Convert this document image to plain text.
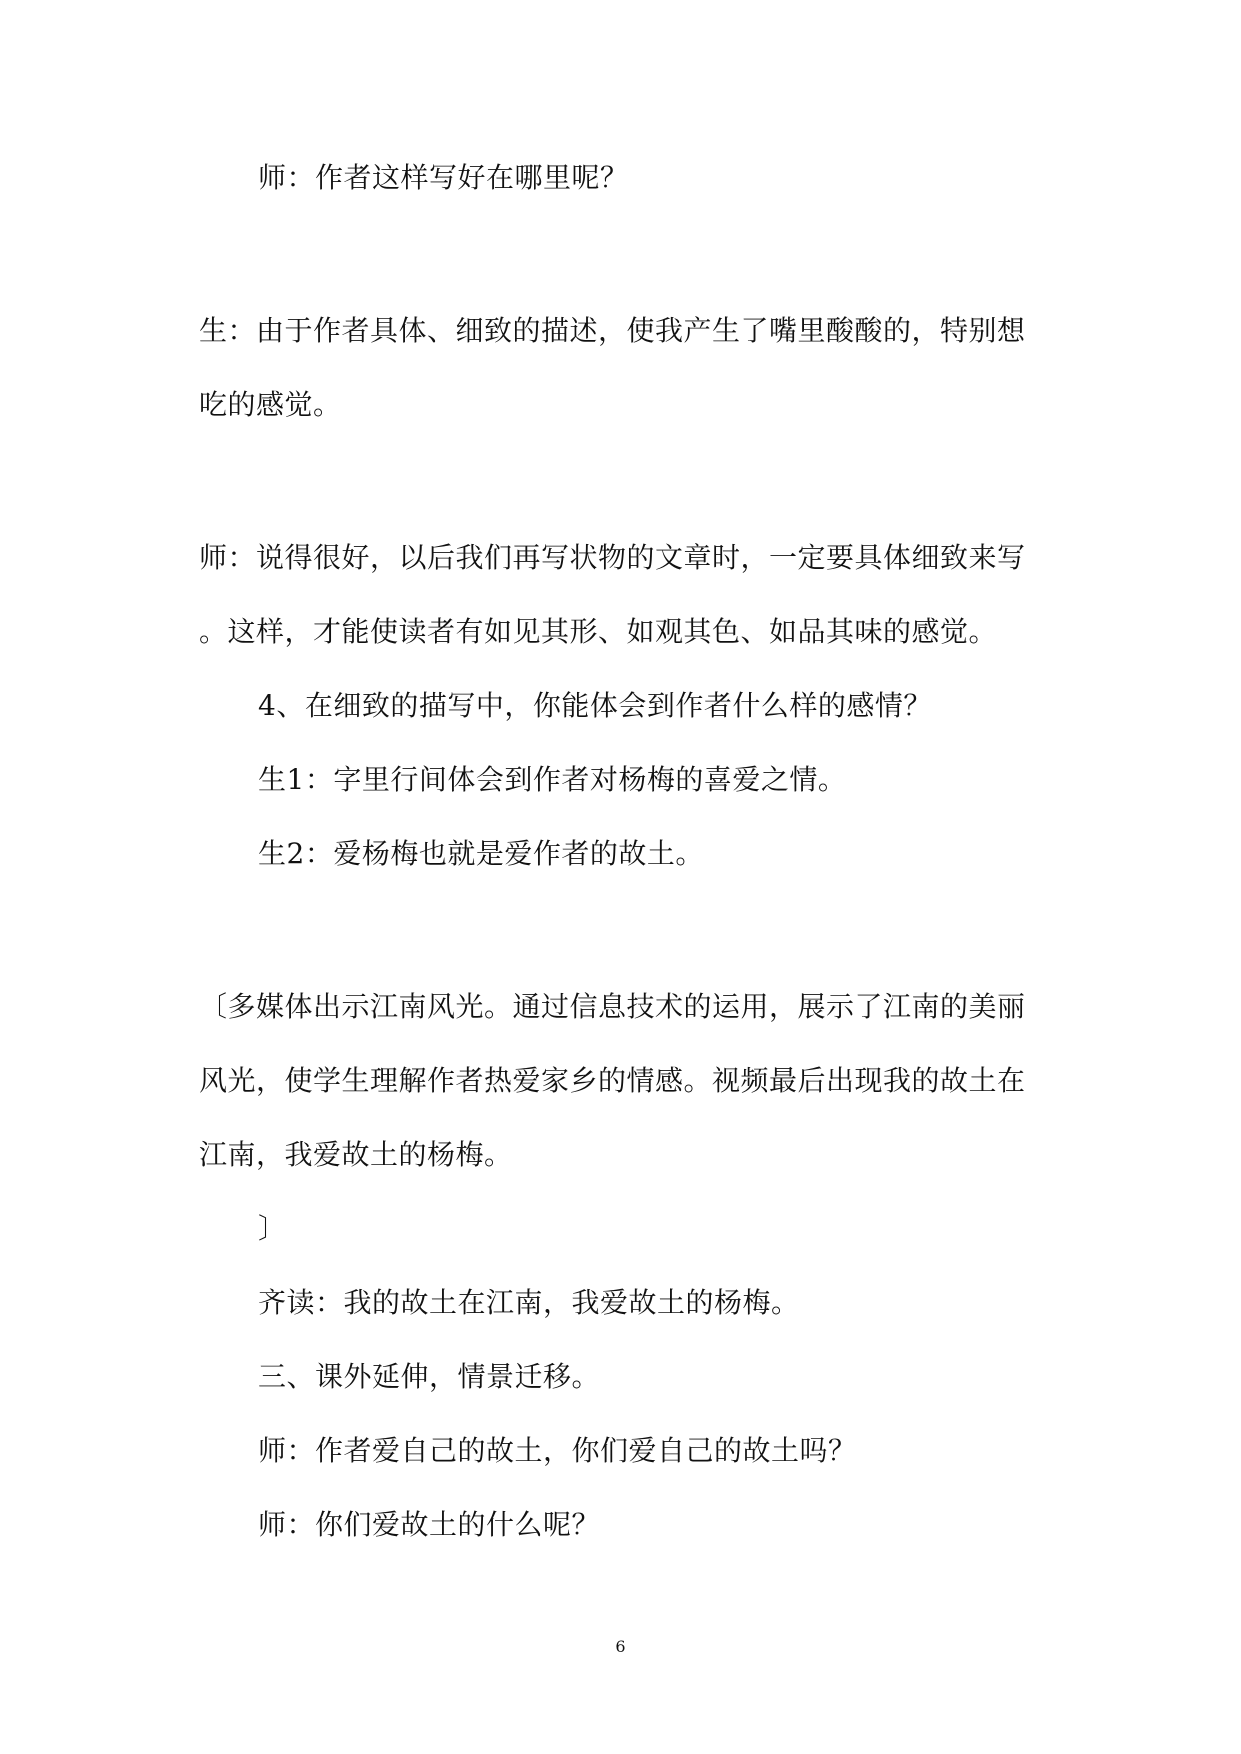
师：作者这样写好在哪里呢？
生：由于作者具体、细致的描述，使我产生了嘴里酸酸的，特别想
吃的感觉。
师：说得很好，以后我们再写状物的文章时，一定要具体细致来写
。这样，才能使读者有如见其形、如观其色、如品其味的感觉。
4、在细致的描写中，你能体会到作者什么样的感情？
生1：字里行间体会到作者对杨梅的喜爱之情。
生2：爱杨梅也就是爱作者的故土。
〔多媒体出示江南风光。通过信息技术的运用，展示了江南的美丽
风光，使学生理解作者热爱家乡的情感。视频最后出现我的故土在
江南，我爱故土的杨梅。
〕
齐读：我的故土在江南，我爱故土的杨梅。
三、课外延伸，情景迁移。
师：作者爱自己的故土，你们爱自己的故土吗？
师：你们爱故土的什么呢？
6
